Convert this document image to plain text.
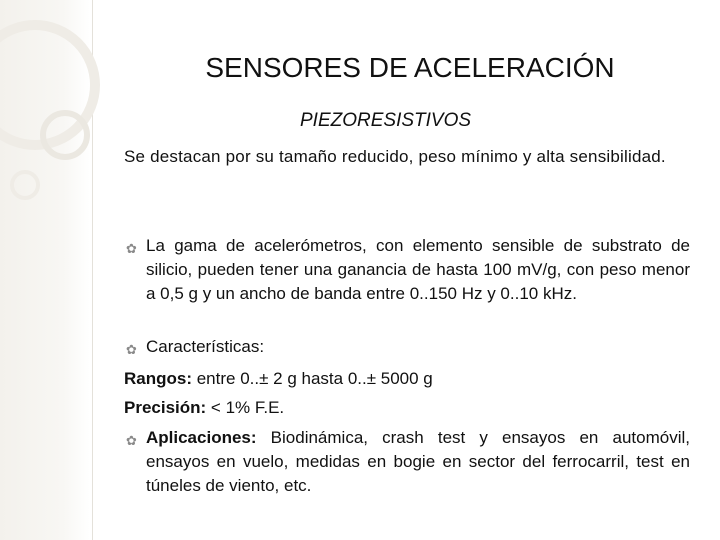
SENSORES DE ACELERACIÓN
PIEZORESISTIVOS
Se destacan por su tamaño reducido, peso mínimo y alta sensibilidad.
✿ La gama de acelerómetros, con elemento sensible de substrato de silicio, pueden tener una ganancia de hasta 100 mV/g, con peso menor a 0,5 g y un ancho de banda entre 0..150 Hz y 0..10 kHz.
✿ Características:
Rangos: entre 0..± 2 g hasta 0..± 5000 g
Precisión: < 1% F.E.
✿ Aplicaciones: Biodinámica, crash test y ensayos en automóvil, ensayos en vuelo, medidas en bogie en sector del ferrocarril, test en túneles de viento, etc.
